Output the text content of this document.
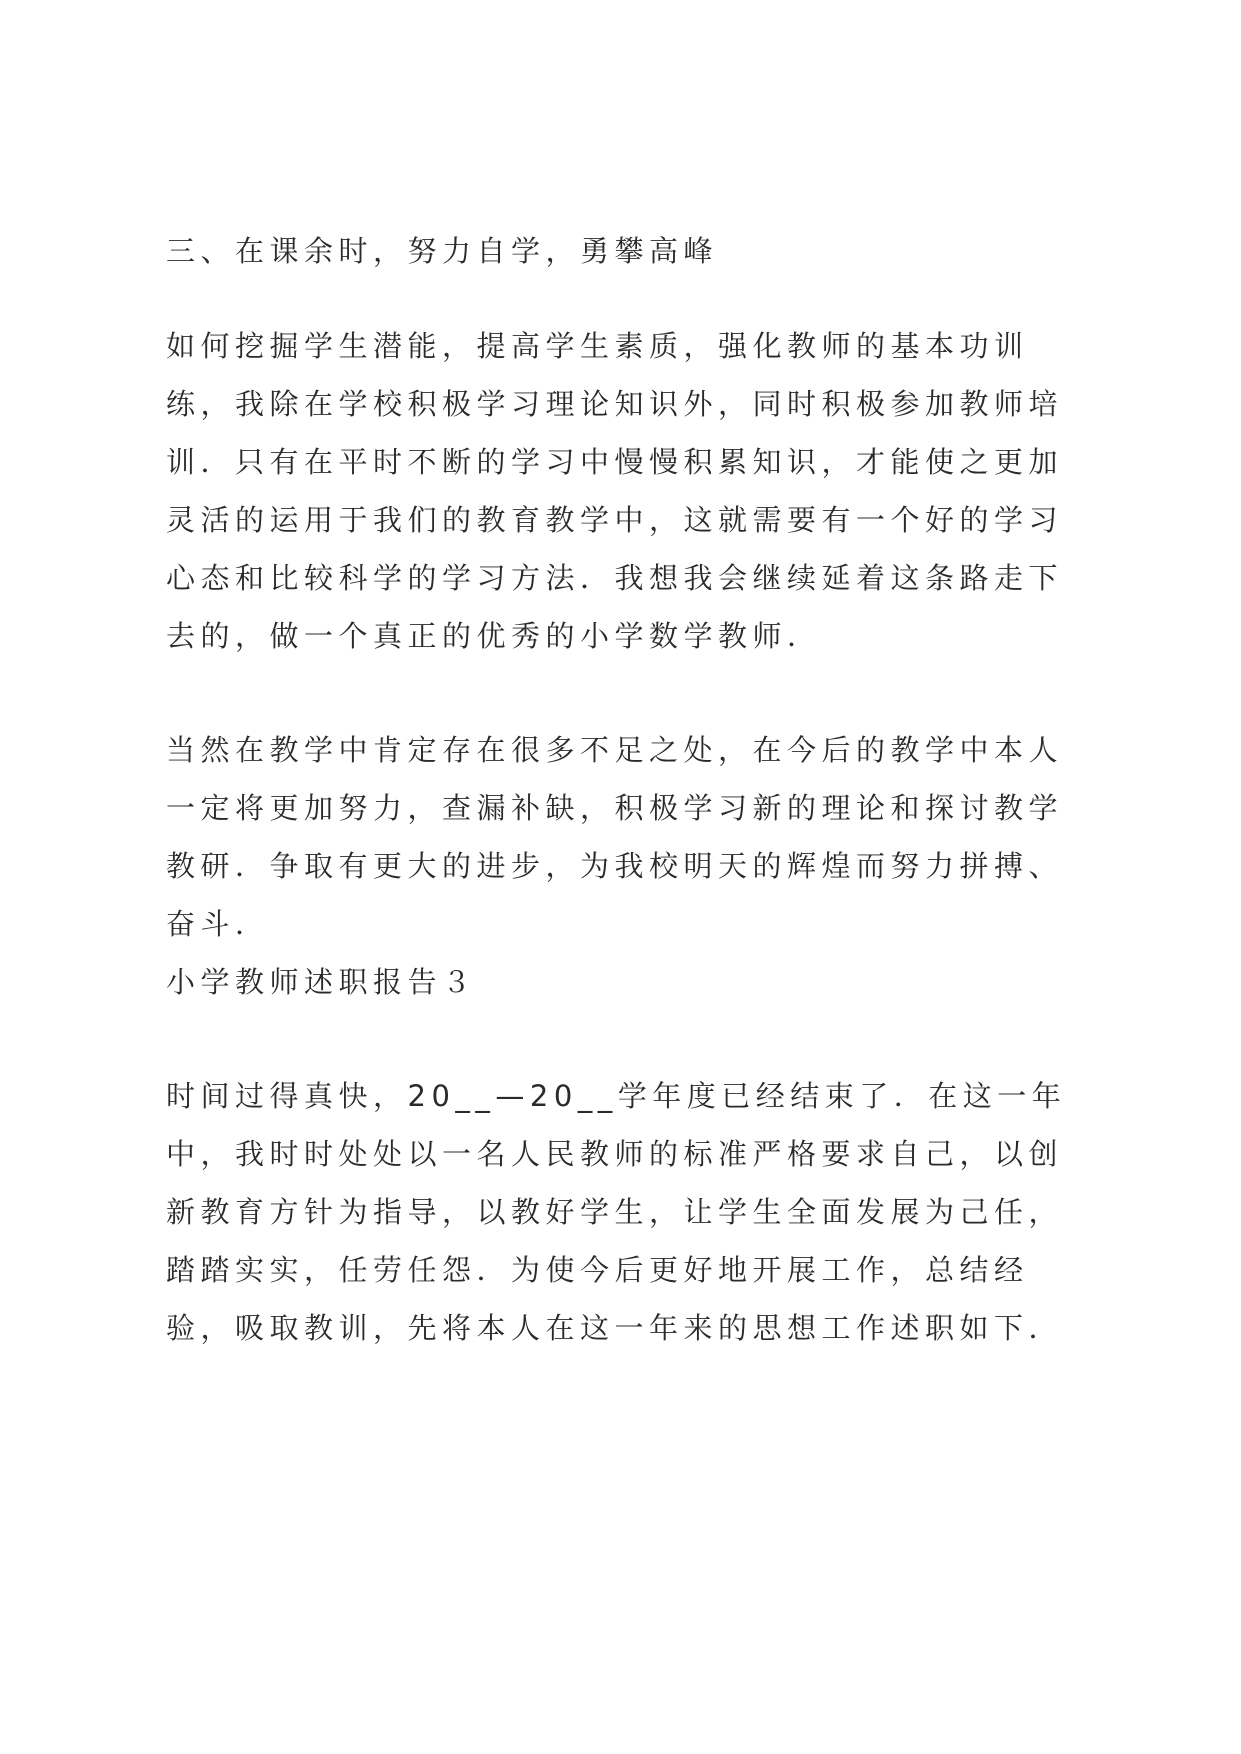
三、在课余时，努力自学，勇攀高峰

如何挖掘学生潜能，提高学生素质，强化教师的基本功训练，我除在学校积极学习理论知识外，同时积极参加教师培训．只有在平时不断的学习中慢慢积累知识，才能使之更加灵活的运用于我们的教育教学中，这就需要有一个好的学习心态和比较科学的学习方法．我想我会继续延着这条路走下去的，做一个真正的优秀的小学数学教师．

当然在教学中肯定存在很多不足之处，在今后的教学中本人一定将更加努力，查漏补缺，积极学习新的理论和探讨教学教研．争取有更大的进步，为我校明天的辉煌而努力拼搏、奋斗．

小学教师述职报告３

时间过得真快，20__—20__学年度已经结束了．在这一年中，我时时处处以一名人民教师的标准严格要求自己，以创新教育方针为指导，以教好学生，让学生全面发展为己任，踏踏实实，任劳任怨．为使今后更好地开展工作，总结经验，吸取教训，先将本人在这一年来的思想工作述职如下．
